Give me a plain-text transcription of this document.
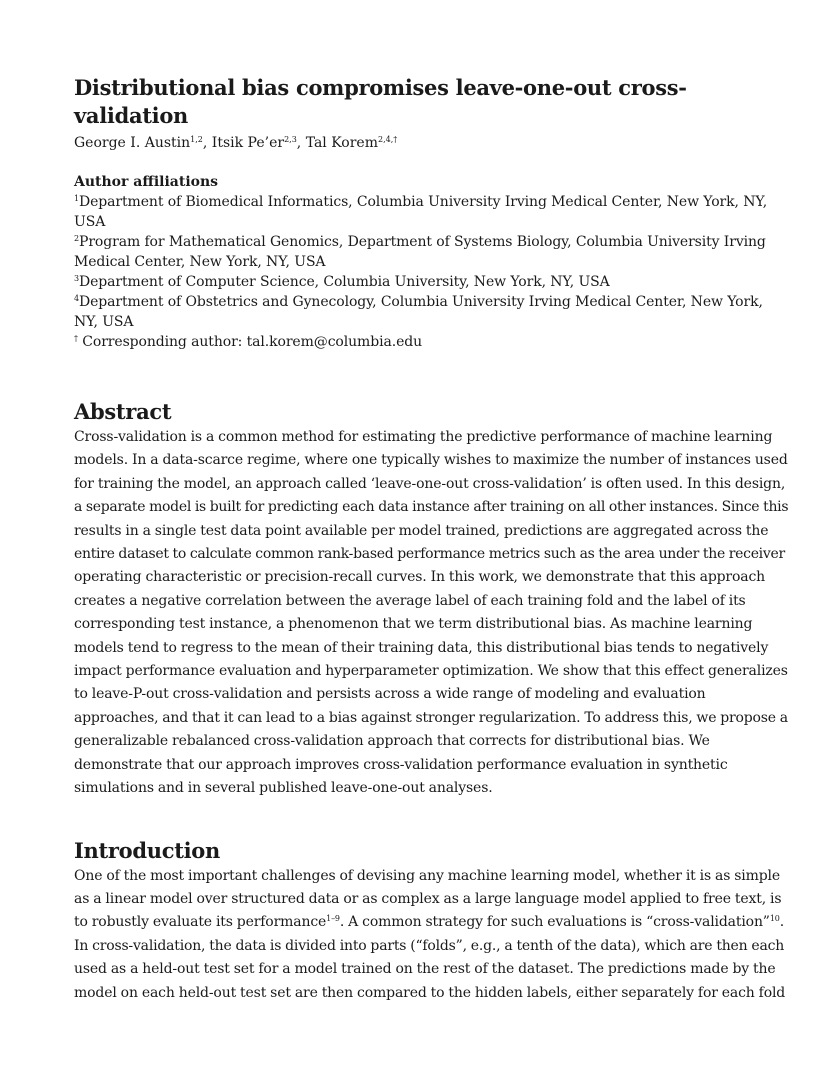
Distributional bias compromises leave-one-out cross-validation
George I. Austin$^{1,2}$, Itsik Pe’er$^{2,3}$, Tal Korem$^{2,4,\dagger}$
Author affiliations
$^1$Department of Biomedical Informatics, Columbia University Irving Medical Center, New York, NY,
USA
$^2$Program for Mathematical Genomics, Department of Systems Biology, Columbia University Irving
Medical Center, New York, NY, USA
$^3$Department of Computer Science, Columbia University, New York, NY, USA
$^4$Department of Obstetrics and Gynecology, Columbia University Irving Medical Center, New York,
NY, USA
† Corresponding author: tal.korem@columbia.edu
Abstract

Cross-validation is a common method for estimating the predictive performance of machine learning
models. In a data-scarce regime, where one typically wishes to maximize the number of instances used
for training the model, an approach called ‘leave-one-out cross-validation’ is often used. In this design,
a separate model is built for predicting each data instance after training on all other instances. Since this
results in a single test data point available per model trained, predictions are aggregated across the
entire dataset to calculate common rank-based performance metrics such as the area under the receiver
operating characteristic or precision-recall curves. In this work, we demonstrate that this approach
creates a negative correlation between the average label of each training fold and the label of its
corresponding test instance, a phenomenon that we term distributional bias. As machine learning
models tend to regress to the mean of their training data, this distributional bias tends to negatively
impact performance evaluation and hyperparameter optimization. We show that this effect generalizes
to leave-P-out cross-validation and persists across a wide range of modeling and evaluation
approaches, and that it can lead to a bias against stronger regularization. To address this, we propose a
generalizable rebalanced cross-validation approach that corrects for distributional bias. We
demonstrate that our approach improves cross-validation performance evaluation in synthetic
simulations and in several published leave-one-out analyses.

Introduction

One of the most important challenges of devising any machine learning model, whether it is as simple
as a linear model over structured data or as complex as a large language model applied to free text, is
to robustly evaluate its performance$^{1-9}$. A common strategy for such evaluations is “cross-validation”$^{10}$.
In cross-validation, the data is divided into parts (“folds”, e.g., a tenth of the data), which are then each
used as a held-out test set for a model trained on the rest of the dataset. The predictions made by the
model on each held-out test set are then compared to the hidden labels, either separately for each fold
